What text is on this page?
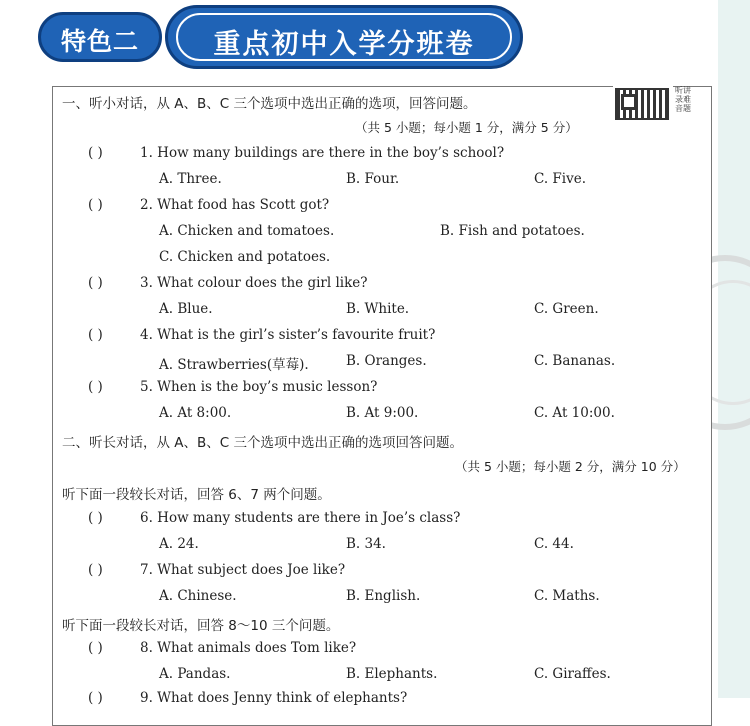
特色二	重点初中入学分班卷
听讲录难音题
一、听小对话，从 A、B、C 三个选项中选出正确的选项，回答问题。
（共 5 小题；每小题 1 分，满分 5 分）
( )	1. How many buildings are there in the boy’s school?
A. Three.	B. Four.	C. Five.
( )	2. What food has Scott got?
A. Chicken and tomatoes.	B. Fish and potatoes.
C. Chicken and potatoes.
( )	3. What colour does the girl like?
A. Blue.	B. White.	C. Green.
( )	4. What is the girl’s sister’s favourite fruit?
A. Strawberries(草莓).	B. Oranges.	C. Bananas.
( )	5. When is the boy’s music lesson?
A. At 8:00.	B. At 9:00.	C. At 10:00.
二、听长对话，从 A、B、C 三个选项中选出正确的选项回答问题。
（共 5 小题；每小题 2 分，满分 10 分）
听下面一段较长对话，回答 6、7 两个问题。
( )	6. How many students are there in Joe’s class?
A. 24.	B. 34.	C. 44.
( )	7. What subject does Joe like?
A. Chinese.	B. English.	C. Maths.
听下面一段较长对话，回答 8～10 三个问题。
( )	8. What animals does Tom like?
A. Pandas.	B. Elephants.	C. Giraffes.
( )	9. What does Jenny think of elephants?
